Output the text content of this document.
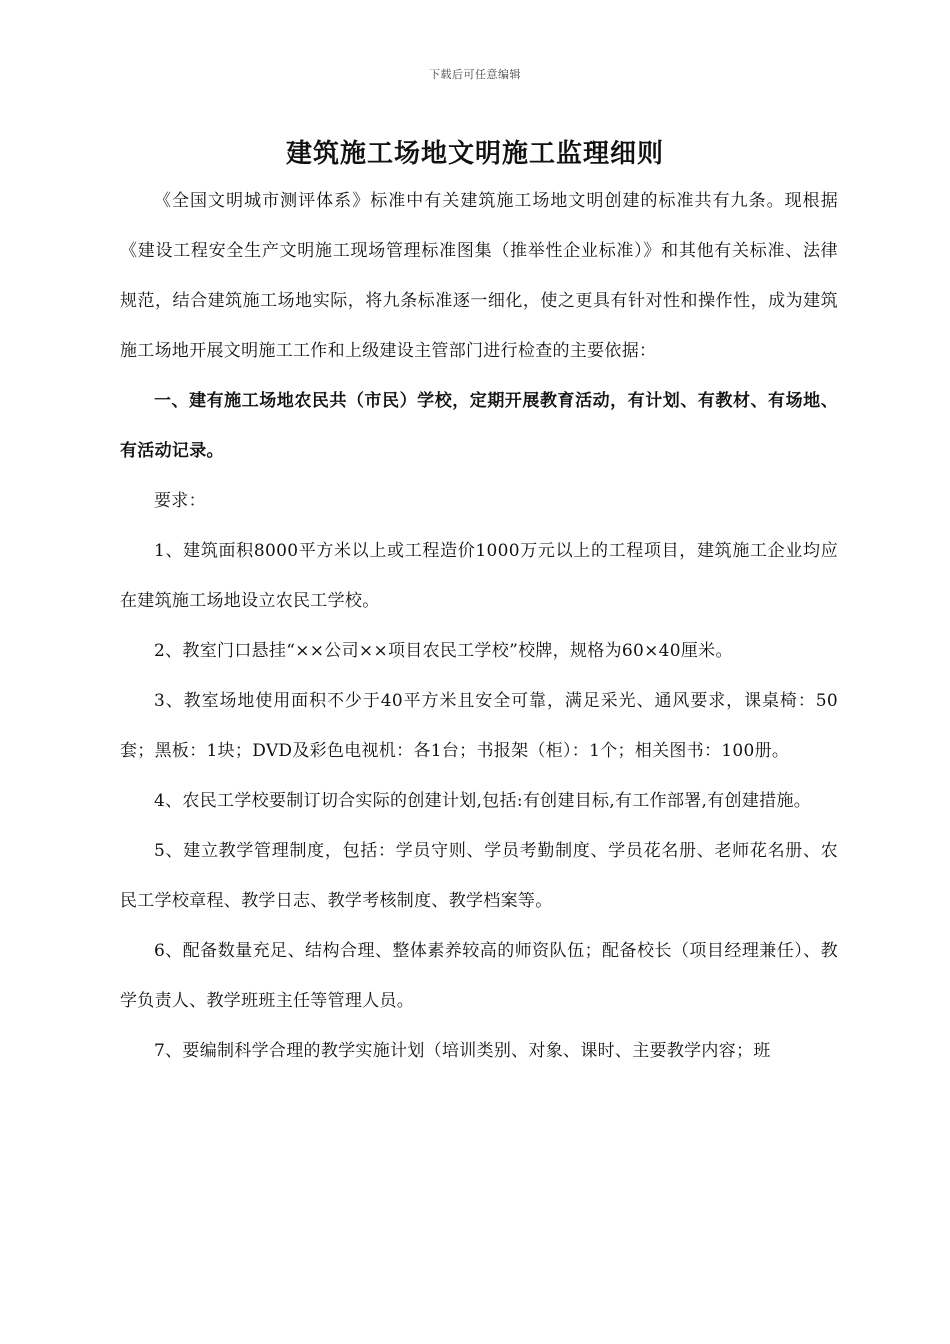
下载后可任意编辑
建筑施工场地文明施工监理细则

《全国文明城市测评体系》标准中有关建筑施工场地文明创建的标准共有九条。现根据《建设工程安全生产文明施工现场管理标准图集（推举性企业标准）》和其他有关标准、法律规范，结合建筑施工场地实际，将九条标准逐一细化，使之更具有针对性和操作性，成为建筑施工场地开展文明施工工作和上级建设主管部门进行检查的主要依据：

一、建有施工场地农民共（市民）学校，定期开展教育活动，有计划、有教材、有场地、有活动记录。

要求：

1、建筑面积8000平方米以上或工程造价1000万元以上的工程项目，建筑施工企业均应在建筑施工场地设立农民工学校。

2、教室门口悬挂“××公司××项目农民工学校”校牌，规格为60×40厘米。

3、教室场地使用面积不少于40平方米且安全可靠，满足采光、通风要求，课桌椅：50套；黑板：1块；DVD及彩色电视机：各1台；书报架（柜）：1个；相关图书：100册。

4、农民工学校要制订切合实际的创建计划,包括:有创建目标,有工作部署,有创建措施。

5、建立教学管理制度，包括：学员守则、学员考勤制度、学员花名册、老师花名册、农民工学校章程、教学日志、教学考核制度、教学档案等。

6、配备数量充足、结构合理、整体素养较高的师资队伍；配备校长（项目经理兼任）、教学负责人、教学班班主任等管理人员。

7、要编制科学合理的教学实施计划（培训类别、对象、课时、主要教学内容；班
